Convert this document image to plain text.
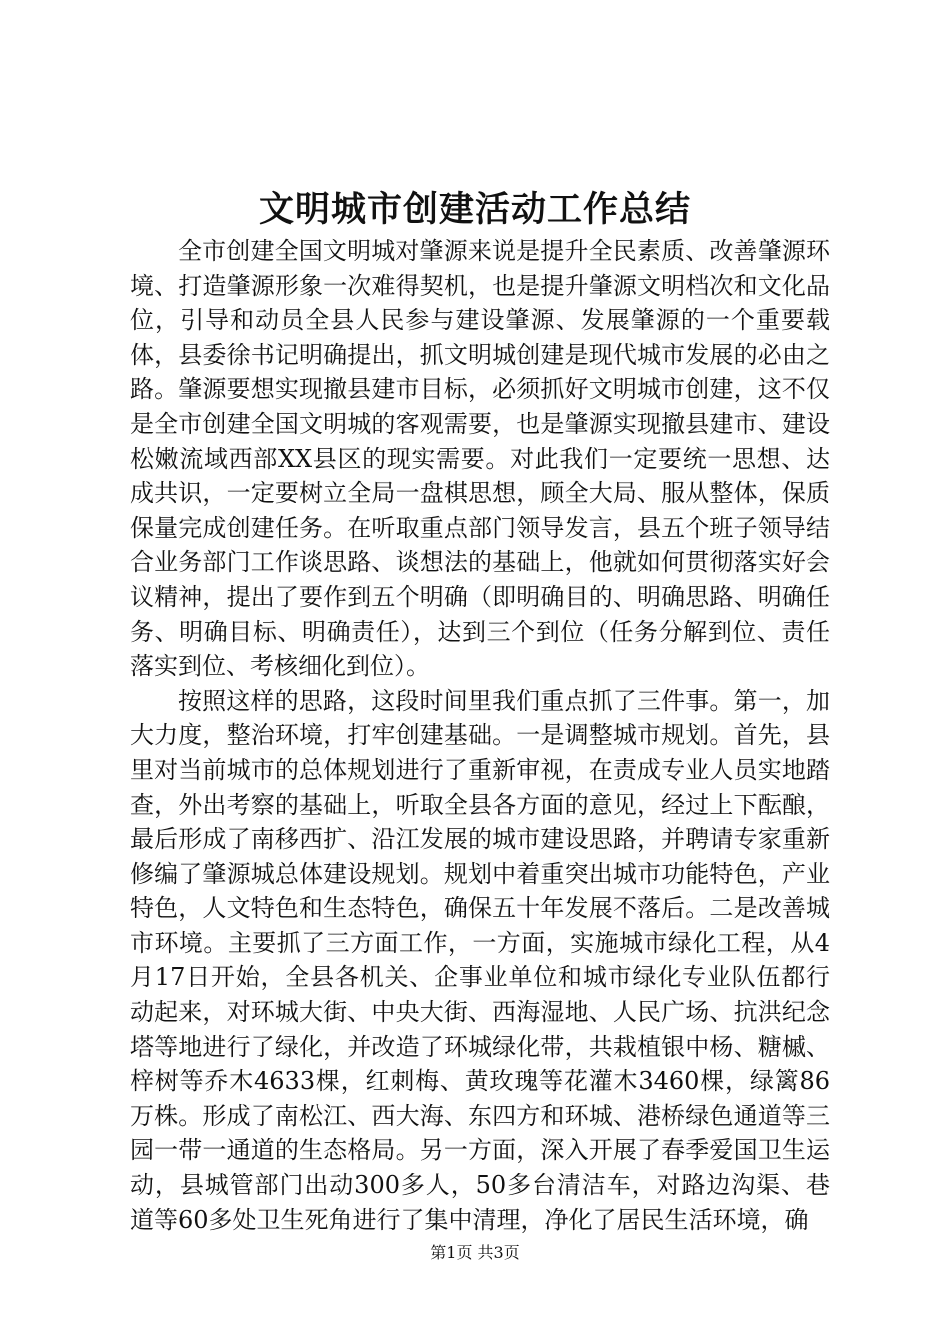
文明城市创建活动工作总结

全市创建全国文明城对肇源来说是提升全民素质、改善肇源环境、打造肇源形象一次难得契机，也是提升肇源文明档次和文化品位，引导和动员全县人民参与建设肇源、发展肇源的一个重要载体，县委徐书记明确提出，抓文明城创建是现代城市发展的必由之路。肇源要想实现撤县建市目标，必须抓好文明城市创建，这不仅是全市创建全国文明城的客观需要，也是肇源实现撤县建市、建设松嫩流域西部XX县区的现实需要。对此我们一定要统一思想、达成共识，一定要树立全局一盘棋思想，顾全大局、服从整体，保质保量完成创建任务。在听取重点部门领导发言，县五个班子领导结合业务部门工作谈思路、谈想法的基础上，他就如何贯彻落实好会议精神，提出了要作到五个明确（即明确目的、明确思路、明确任务、明确目标、明确责任），达到三个到位（任务分解到位、责任落实到位、考核细化到位）。

按照这样的思路，这段时间里我们重点抓了三件事。第一，加大力度，整治环境，打牢创建基础。一是调整城市规划。首先，县里对当前城市的总体规划进行了重新审视，在责成专业人员实地踏查，外出考察的基础上，听取全县各方面的意见，经过上下酝酿，最后形成了南移西扩、沿江发展的城市建设思路，并聘请专家重新修编了肇源城总体建设规划。规划中着重突出城市功能特色，产业特色，人文特色和生态特色，确保五十年发展不落后。二是改善城市环境。主要抓了三方面工作，一方面，实施城市绿化工程，从4月17日开始，全县各机关、企事业单位和城市绿化专业队伍都行动起来，对环城大街、中央大街、西海湿地、人民广场、抗洪纪念塔等地进行了绿化，并改造了环城绿化带，共栽植银中杨、糖槭、梓树等乔木4633棵，红刺梅、黄玫瑰等花灌木3460棵，绿篱86万株。形成了南松江、西大海、东四方和环城、港桥绿色通道等三园一带一通道的生态格局。另一方面，深入开展了春季爱国卫生运动，县城管部门出动300多人，50多台清洁车，对路边沟渠、巷道等60多处卫生死角进行了集中清理，净化了居民生活环境，确

第1页 共3页
